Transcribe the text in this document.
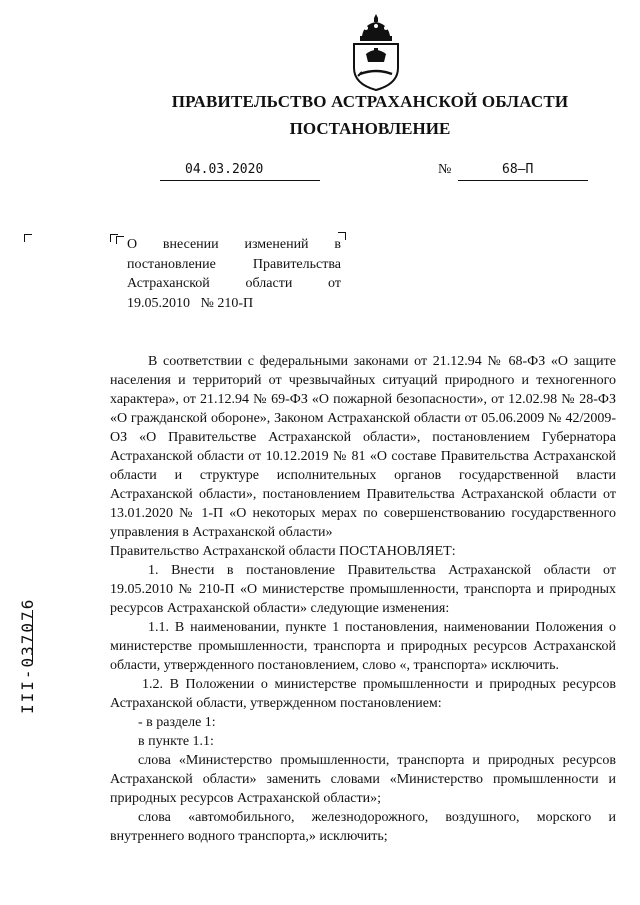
ПРАВИТЕЛЬСТВО АСТРАХАНСКОЙ ОБЛАСТИ
ПОСТАНОВЛЕНИЕ
04.03.2020	№	68–П
О внесении изменений в
постановление	Правительства
Астраханской	области	от
19.05.2010   № 210-П

В соответствии с федеральными законами от 21.12.94 № 68-ФЗ «О защите населения и территорий от чрезвычайных ситуаций природного и техногенного характера», от 21.12.94 № 69-ФЗ «О пожарной безопасности», от 12.02.98 № 28-ФЗ «О гражданской обороне», Законом Астраханской области от 05.06.2009 № 42/2009-ОЗ «О Правительстве Астраханской области», постановлением Губернатора Астраханской области от 10.12.2019 № 81 «О составе Правительства Астраханской области и структуре исполнительных органов государственной власти Астраханской области», постановлением Правительства Астраханской области от 13.01.2020 № 1-П «О некоторых мерах по совершенствованию государственного управления в Астраханской области»

Правительство Астраханской области ПОСТАНОВЛЯЕТ:

1. Внести в постановление Правительства Астраханской области от 19.05.2010 № 210-П «О министерстве промышленности, транспорта и природных ресурсов Астраханской области» следующие изменения:

1.1. В наименовании, пункте 1 постановления, наименовании Положения о министерстве промышленности, транспорта и природных ресурсов Астраханской области, утвержденного постановлением, слово «, транспорта» исключить.

1.2. В Положении о министерстве промышленности и природных ресурсов Астраханской области, утвержденном постановлением:

- в разделе 1:

в пункте 1.1:

слова «Министерство промышленности, транспорта и природных ресурсов Астраханской области» заменить словами «Министерство промышленности и природных ресурсов Астраханской области»;

слова «автомобильного, железнодорожного, воздушного, морского и внутреннего водного транспорта,» исключить;

ІІІ-037076
